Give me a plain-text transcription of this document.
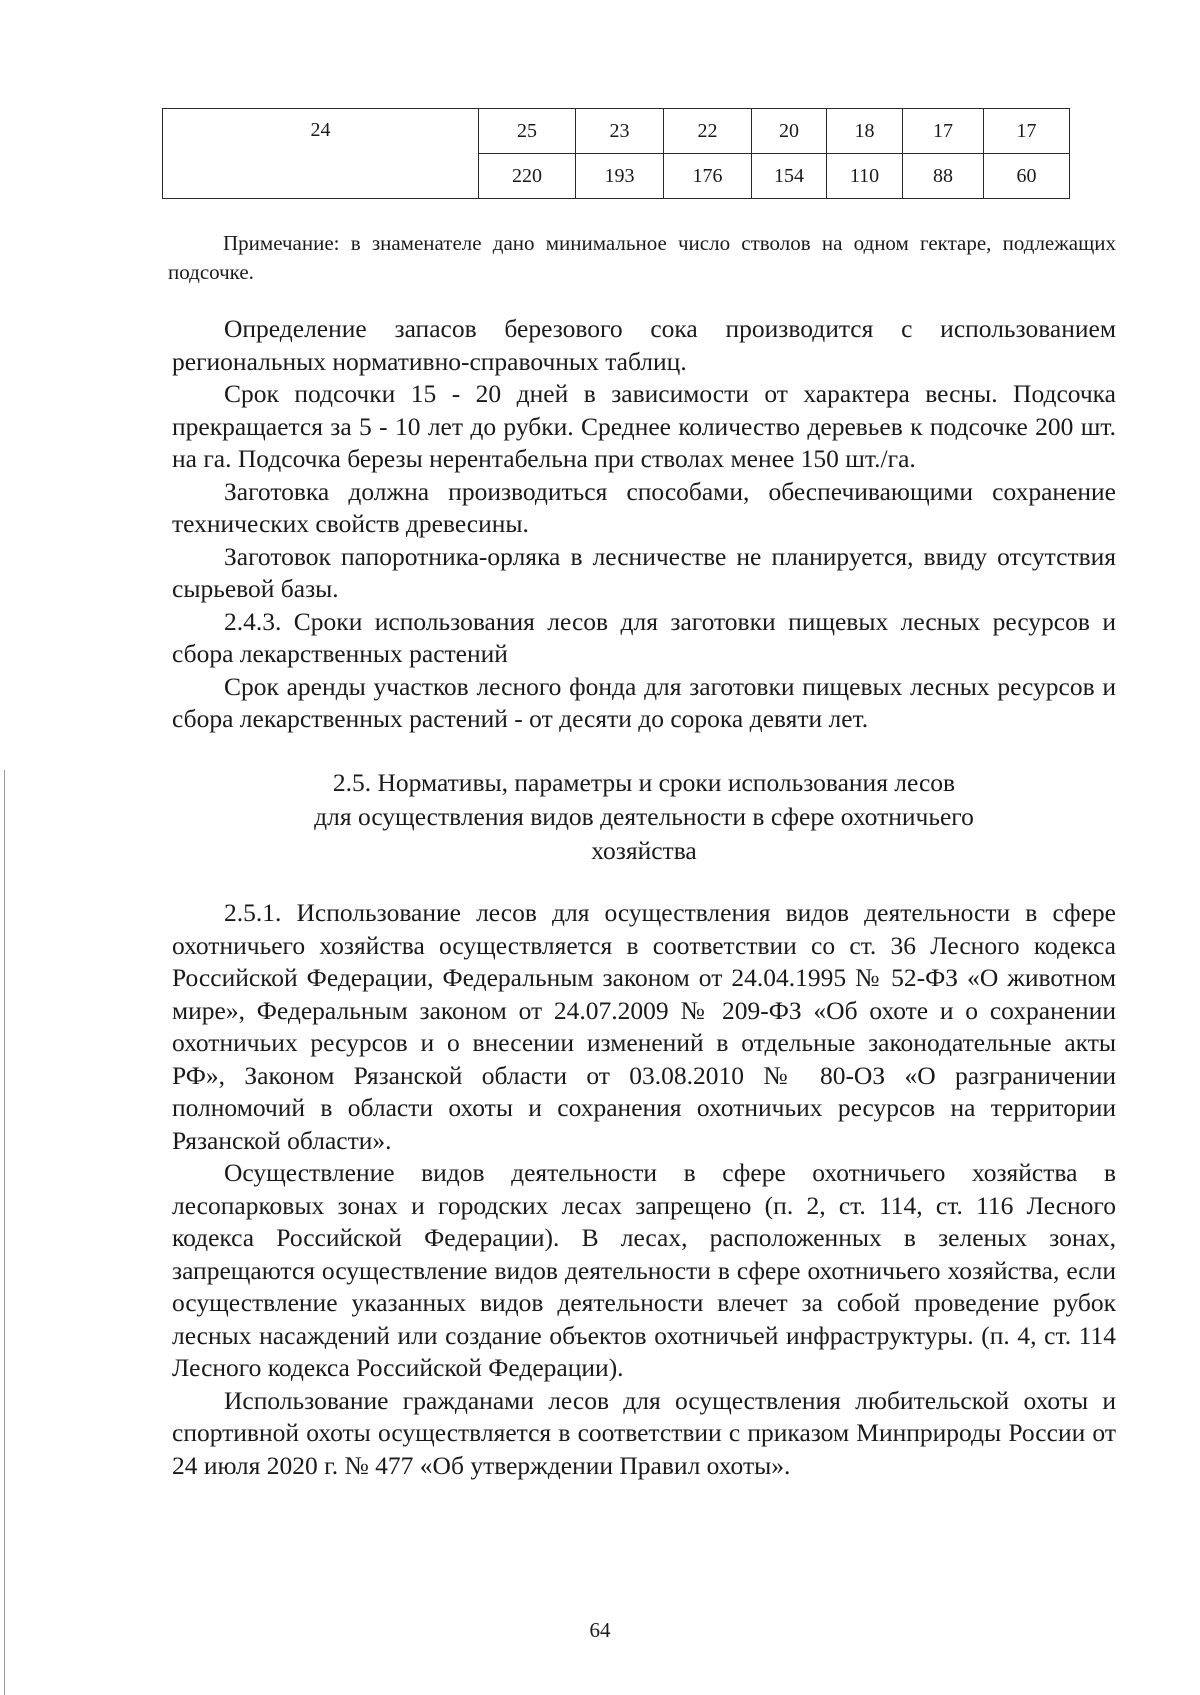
24	25	23	22	20	18	17	17
	220	193	176	154	110	88	60

Примечание: в знаменателе дано минимальное число стволов на одном гектаре, подлежащих подсочке.

Определение запасов березового сока производится с использованием региональных нормативно-справочных таблиц.

Срок подсочки 15 - 20 дней в зависимости от характера весны. Подсочка прекращается за 5 - 10 лет до рубки. Среднее количество деревьев к подсочке 200 шт. на га. Подсочка березы нерентабельна при стволах менее 150 шт./га.

Заготовка должна производиться способами, обеспечивающими сохранение технических свойств древесины.

Заготовок папоротника-орляка в лесничестве не планируется, ввиду отсутствия сырьевой базы.

2.4.3. Сроки использования лесов для заготовки пищевых лесных ресурсов и сбора лекарственных растений

Срок аренды участков лесного фонда для заготовки пищевых лесных ресурсов и сбора лекарственных растений - от десяти до сорока девяти лет.

2.5. Нормативы, параметры и сроки использования лесов
для осуществления видов деятельности в сфере охотничьего
хозяйства

2.5.1. Использование лесов для осуществления видов деятельности в сфере охотничьего хозяйства осуществляется в соответствии со ст. 36 Лесного кодекса Российской Федерации, Федеральным законом от 24.04.1995 № 52-ФЗ «О животном мире», Федеральным законом от 24.07.2009 № 209-ФЗ «Об охоте и о сохранении охотничьих ресурсов и о внесении изменений в отдельные законодательные акты РФ», Законом Рязанской области от 03.08.2010 № 80-ОЗ «О разграничении полномочий в области охоты и сохранения охотничьих ресурсов на территории Рязанской области».

Осуществление видов деятельности в сфере охотничьего хозяйства в лесопарковых зонах и городских лесах запрещено (п. 2, ст. 114, ст. 116 Лесного кодекса Российской Федерации). В лесах, расположенных в зеленых зонах, запрещаются осуществление видов деятельности в сфере охотничьего хозяйства, если осуществление указанных видов деятельности влечет за собой проведение рубок лесных насаждений или создание объектов охотничьей инфраструктуры. (п. 4, ст. 114 Лесного кодекса Российской Федерации).

Использование гражданами лесов для осуществления любительской охоты и спортивной охоты осуществляется в соответствии с приказом Минприроды России от 24 июля 2020 г. № 477 «Об утверждении Правил охоты».

64
